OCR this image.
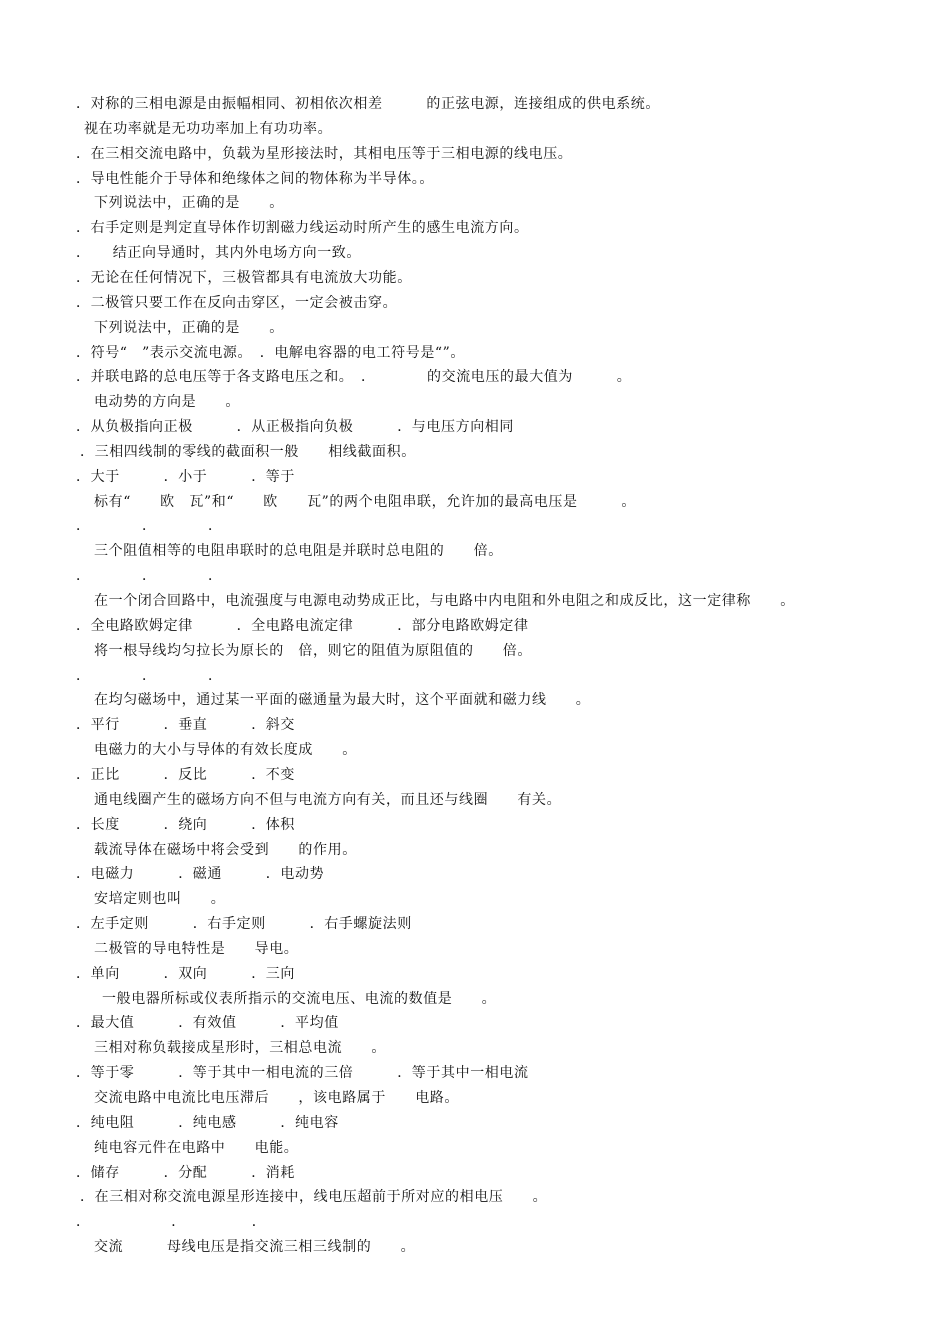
．对称的三相电源是由振幅相同、初相依次相差　　　的正弦电源，连接组成的供电系统。
视在功率就是无功功率加上有功功率。
．在三相交流电路中，负载为星形接法时，其相电压等于三相电源的线电压。
．导电性能介于导体和绝缘体之间的物体称为半导体。。
下列说法中，正确的是　　。
．右手定则是判定直导体作切割磁力线运动时所产生的感生电流方向。
．　　结正向导通时，其内外电场方向一致。
．无论在任何情况下，三极管都具有电流放大功能。
．二极管只要工作在反向击穿区，一定会被击穿。
下列说法中，正确的是　　。
．符号“　”表示交流电源。　．电解电容器的电工符号是“”。
．并联电路的总电压等于各支路电压之和。　．　　　　的交流电压的最大值为　　　。
电动势的方向是　　。
．从负极指向正极　　　．从正极指向负极　　　．与电压方向相同
．三相四线制的零线的截面积一般　　相线截面积。
．大于　　　．小于　　　．等于
标有“　　欧　瓦”和“　　欧　　瓦”的两个电阻串联，允许加的最高电压是　　　。
．　　　　．　　　　．
三个阻值相等的电阻串联时的总电阻是并联时总电阻的　　倍。
．　　　　．　　　　．
在一个闭合回路中，电流强度与电源电动势成正比，与电路中内电阻和外电阻之和成反比，这一定律称　　。
．全电路欧姆定律　　　．全电路电流定律　　　．部分电路欧姆定律
将一根导线均匀拉长为原长的　倍，则它的阻值为原阻值的　　倍。
．　　　　．　　　　．
在均匀磁场中，通过某一平面的磁通量为最大时，这个平面就和磁力线　　。
．平行　　　．垂直　　　．斜交
电磁力的大小与导体的有效长度成　　。
．正比　　　．反比　　　．不变
通电线圈产生的磁场方向不但与电流方向有关，而且还与线圈　　有关。
．长度　　　．绕向　　　．体积
载流导体在磁场中将会受到　　的作用。
．电磁力　　　．磁通　　　．电动势
安培定则也叫　　。
．左手定则　　　．右手定则　　　．右手螺旋法则
二极管的导电特性是　　导电。
．单向　　　．双向　　　．三向
一般电器所标或仪表所指示的交流电压、电流的数值是　　。
．最大值　　　．有效值　　　．平均值
三相对称负载接成星形时，三相总电流　　。
．等于零　　　．等于其中一相电流的三倍　　　．等于其中一相电流
交流电路中电流比电压滞后　　，该电路属于　　电路。
．纯电阻　　　．纯电感　　　．纯电容
纯电容元件在电路中　　电能。
．储存　　　．分配　　　．消耗
．在三相对称交流电源星形连接中，线电压超前于所对应的相电压　　。
．　　　　　　．　　　　　．
交流　　　母线电压是指交流三相三线制的　　。
